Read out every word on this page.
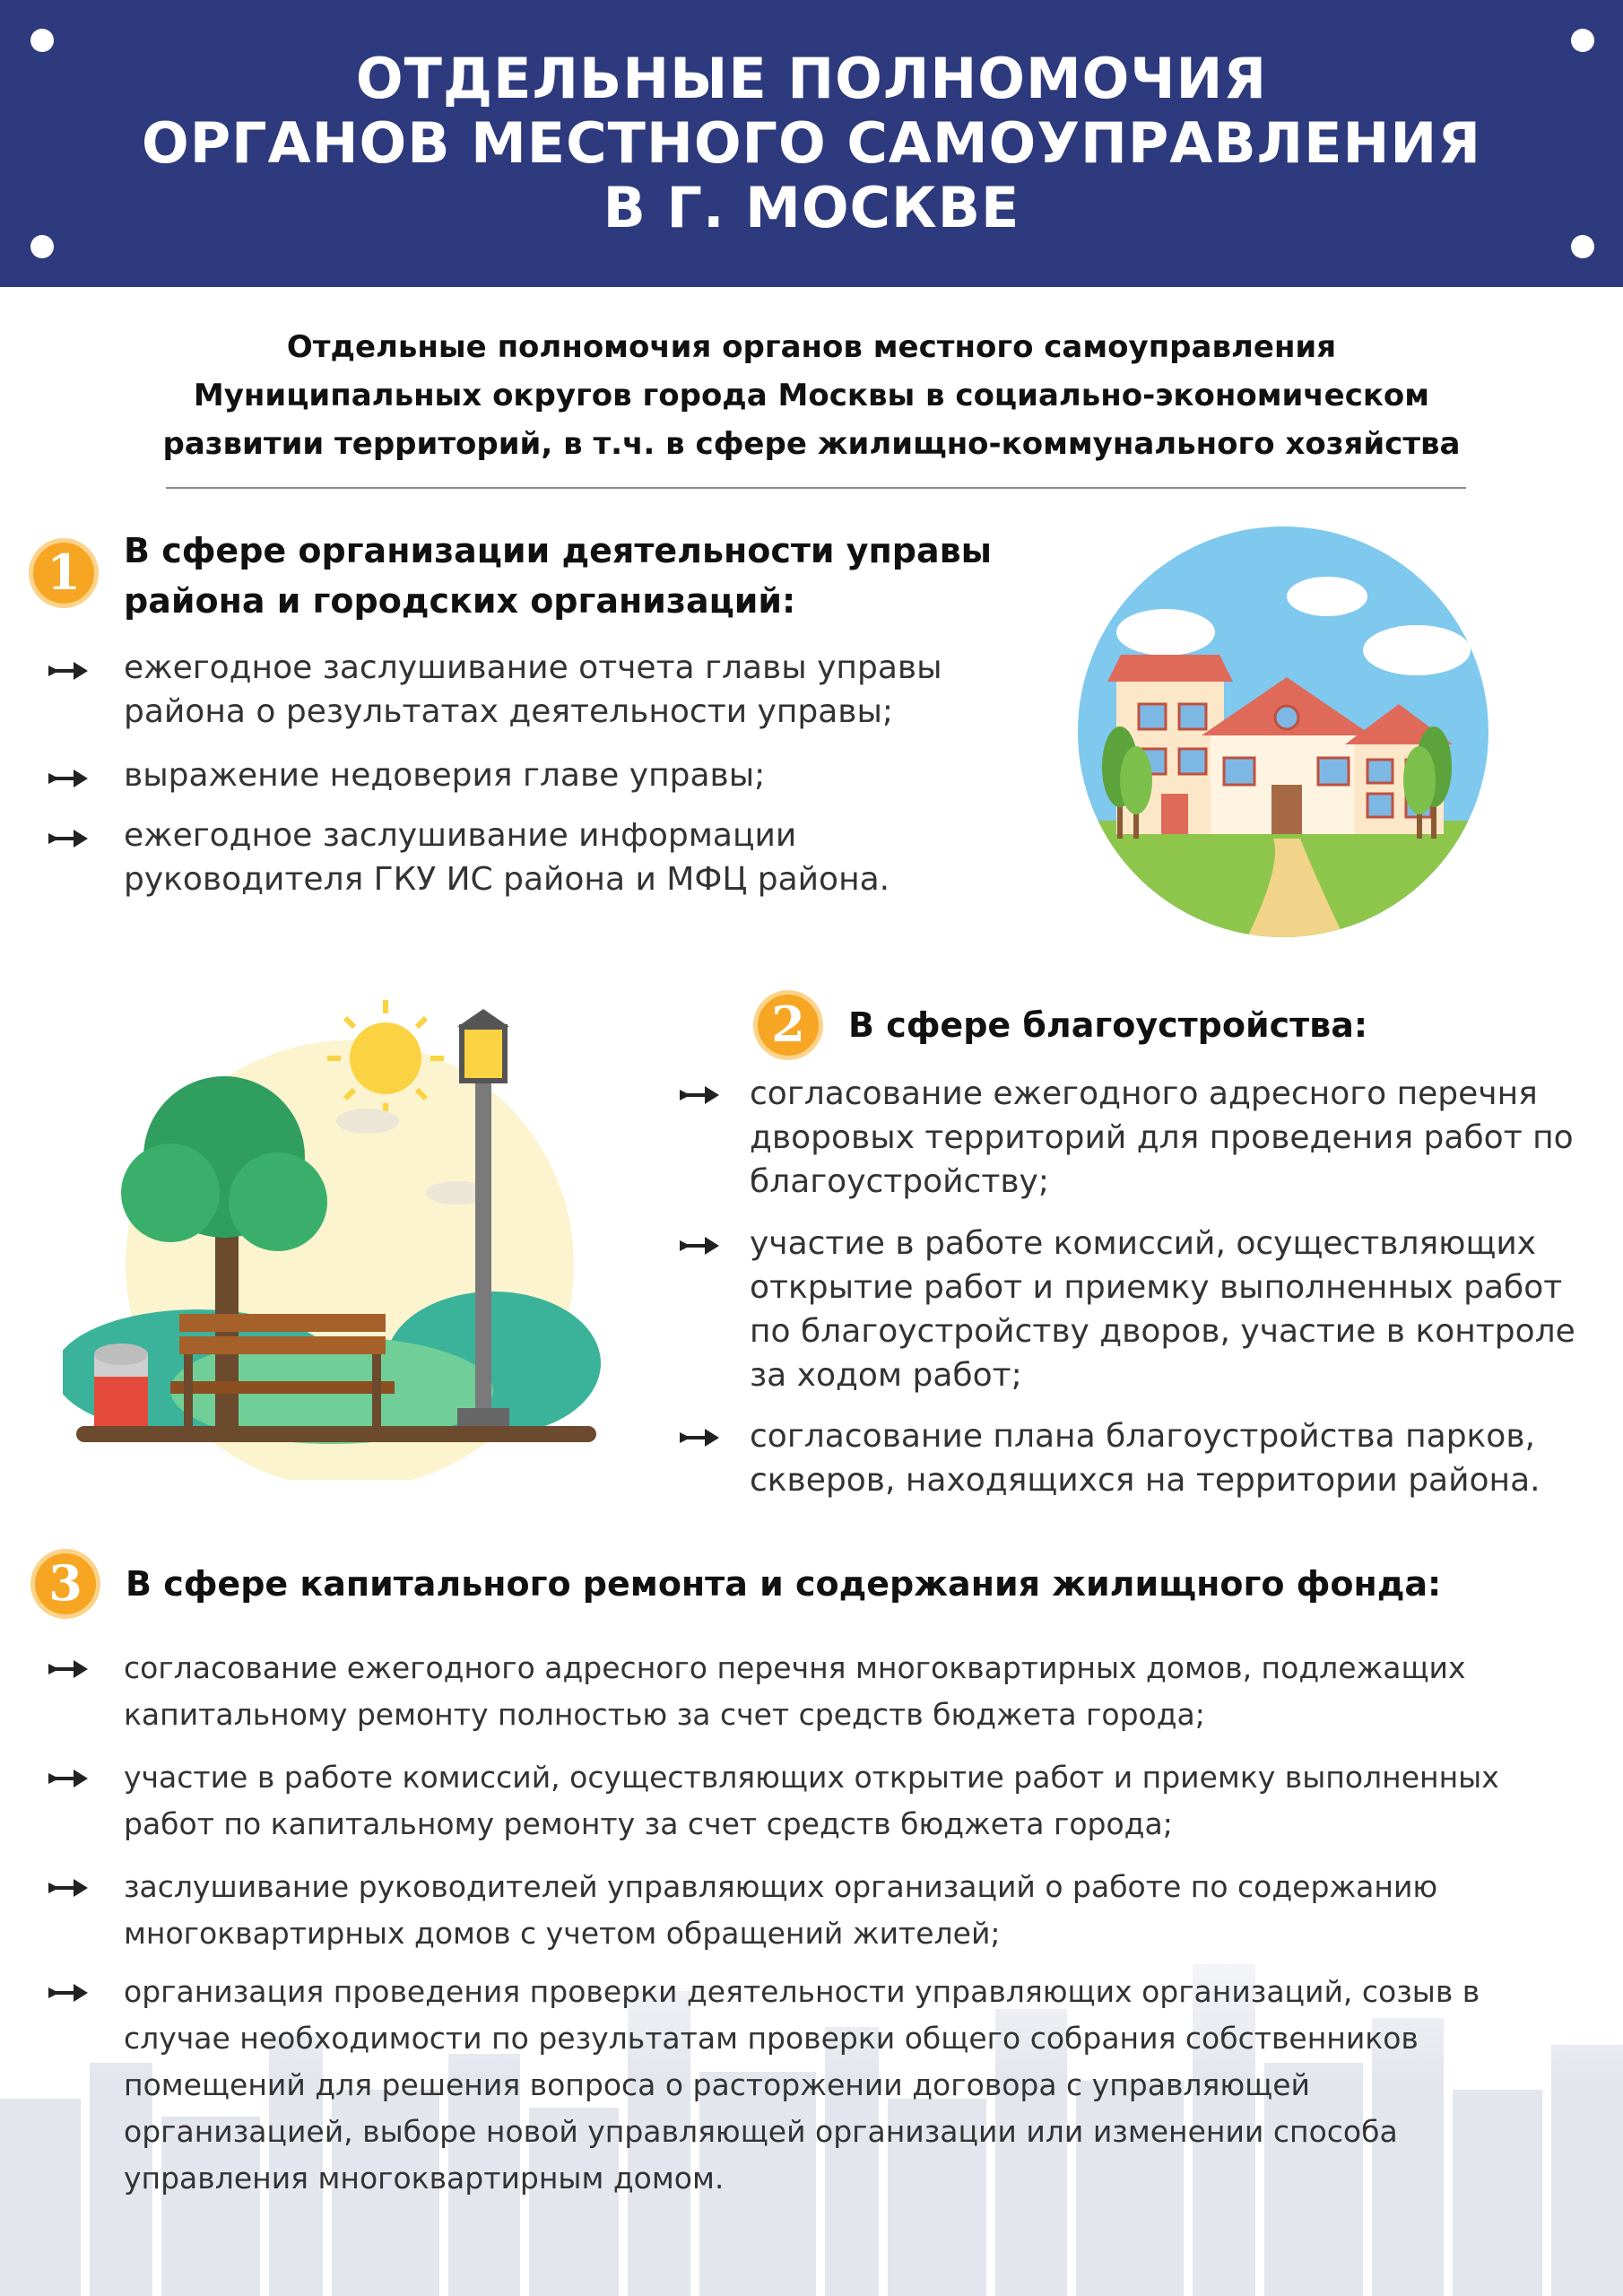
ОТДЕЛЬНЫЕ ПОЛНОМОЧИЯ
ОРГАНОВ МЕСТНОГО САМОУПРАВЛЕНИЯ
В Г. МОСКВЕ
Отдельные полномочия органов местного самоуправления
Муниципальных округов города Москвы в социально-экономическом
развитии территорий, в т.ч. в сфере жилищно-коммунального хозяйства
1	В сфере организации деятельности управы
района и городских организаций:
ежегодное заслушивание отчета главы управы
района о результатах деятельности управы;
выражение недоверия главе управы;
ежегодное заслушивание информации
руководителя ГКУ ИС района и МФЦ района.
2	В сфере благоустройства:
согласование ежегодного адресного перечня
дворовых территорий для проведения работ по
благоустройству;
участие в работе комиссий, осуществляющих
открытие работ и приемку выполненных работ
по благоустройству дворов, участие в контроле
за ходом работ;
согласование плана благоустройства парков,
скверов, находящихся на территории района.
3	В сфере капитального ремонта и содержания жилищного фонда:
согласование ежегодного адресного перечня многоквартирных домов, подлежащих
капитальному ремонту полностью за счет средств бюджета города;
участие в работе комиссий, осуществляющих открытие работ и приемку выполненных
работ по капитальному ремонту за счет средств бюджета города;
заслушивание руководителей управляющих организаций о работе по содержанию
многоквартирных домов с учетом обращений жителей;
организация проведения проверки деятельности управляющих организаций, созыв в
случае необходимости по результатам проверки общего собрания собственников
помещений для решения вопроса о расторжении договора с управляющей
организацией, выборе новой управляющей организации или изменении способа
управления многоквартирным домом.
